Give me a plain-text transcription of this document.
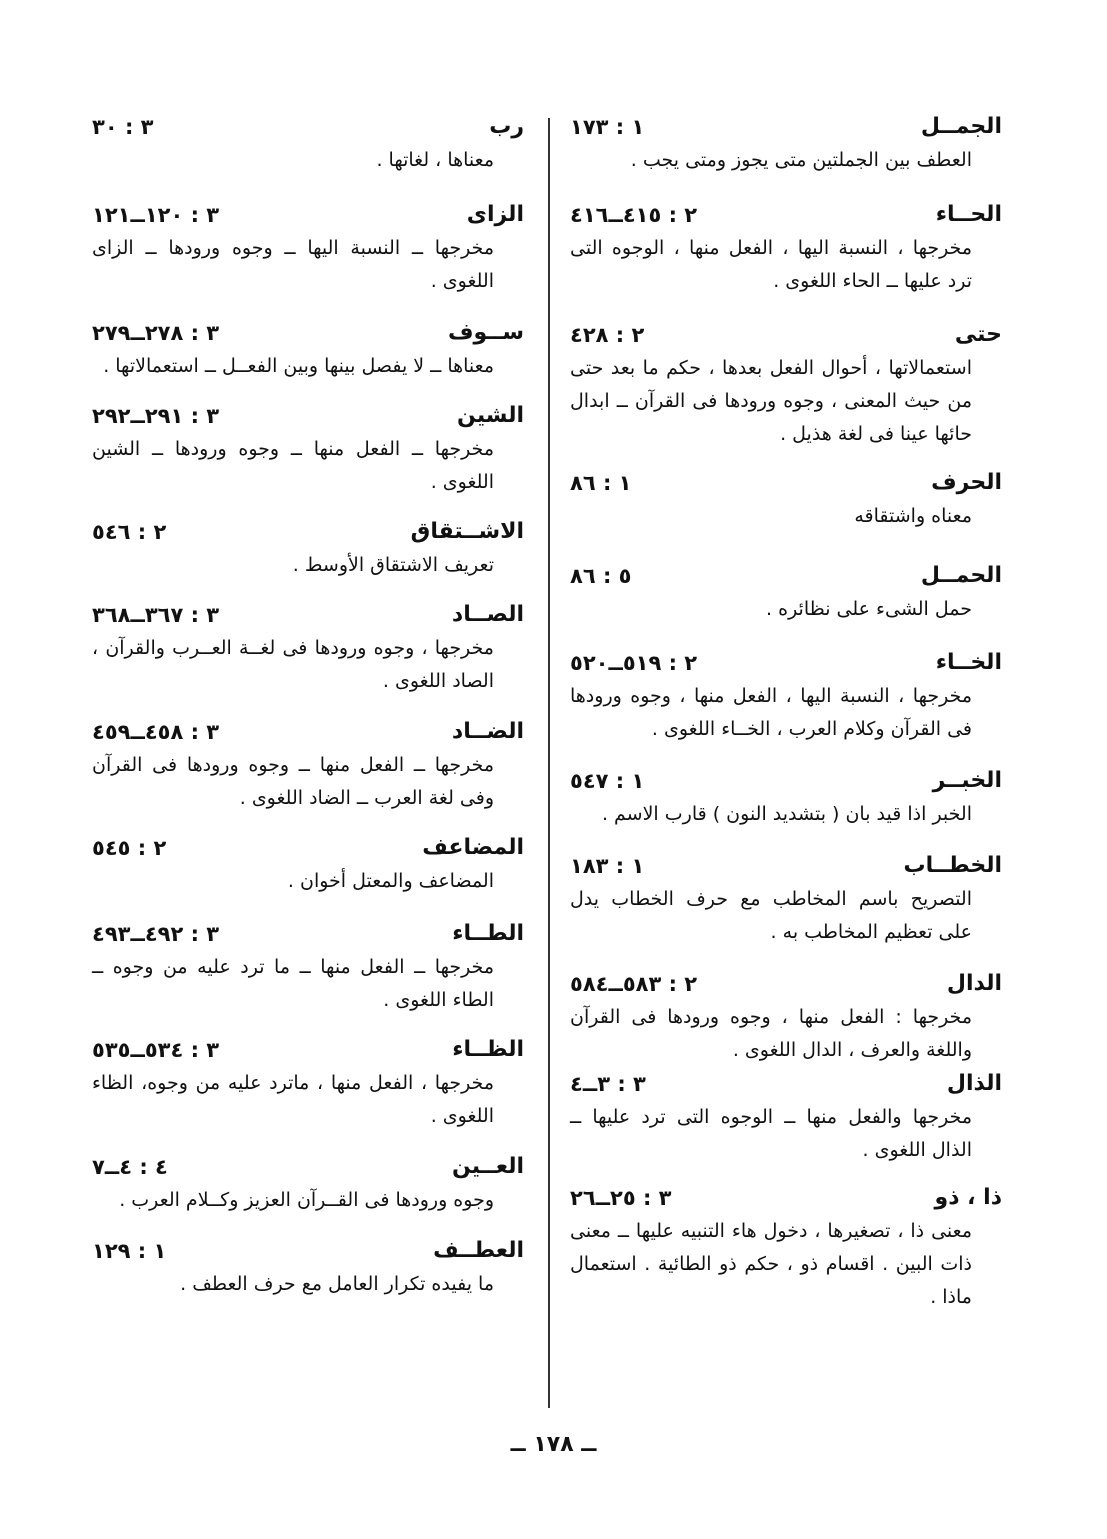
الجمــل
١ : ١٧٣
العطف بين الجملتين متى يجوز ومتى يجب .
الحــاء
٢ : ٤١٥ــ٤١٦
مخرجها ، النسبة اليها ، الفعل منها ، الوجوه التى ترد عليها ــ الحاء اللغوى .
حتى
٢ : ٤٢٨
استعمالاتها ، أحوال الفعل بعدها ، حكم ما بعد حتى من حيث المعنى ، وجوه ورودها فى القرآن ــ ابدال حائها عينا فى لغة هذيل .
الحرف
١ : ٨٦
معناه واشتقاقه
الحمــل
٥ : ٨٦
حمل الشىء على نظائره .
الخــاء
٢ : ٥١٩ــ٥٢٠
مخرجها ، النسبة اليها ، الفعل منها ، وجوه ورودها فى القرآن وكلام العرب ، الخــاء اللغوى .
الخبــر
١ : ٥٤٧
الخبر اذا قيد بان ( بتشديد النون ) قارب الاسم .
الخطــاب
١ : ١٨٣
التصريح باسم المخاطب مع حرف الخطاب يدل على تعظيم المخاطب به .
الدال
٢ : ٥٨٣ــ٥٨٤
مخرجها : الفعل منها ، وجوه ورودها فى القرآن واللغة والعرف ، الدال اللغوى .
الذال
٣ : ٣ــ٤
مخرجها والفعل منها ــ الوجوه التى ترد عليها ــ الذال اللغوى .
ذا ، ذو
٣ : ٢٥ــ٢٦
معنى ذا ، تصغيرها ، دخول هاء التنبيه عليها ــ معنى ذات البين . اقسام ذو ، حكم ذو الطائية . استعمال ماذا .
رب
٣ : ٣٠
معناها ، لغاتها .
الزاى
٣ : ١٢٠ــ١٢١
مخرجها ــ النسبة اليها ــ وجوه ورودها ــ الزاى اللغوى .
ســوف
٣ : ٢٧٨ــ٢٧٩
معناها ــ لا يفصل بينها وبين الفعــل ــ استعمالاتها .
الشين
٣ : ٢٩١ــ٢٩٢
مخرجها ــ الفعل منها ــ وجوه ورودها ــ الشين اللغوى .
الاشــتقاق
٢ : ٥٤٦
تعريف الاشتقاق الأوسط .
الصــاد
٣ : ٣٦٧ــ٣٦٨
مخرجها ، وجوه ورودها فى لغــة العــرب والقرآن ، الصاد اللغوى .
الضــاد
٣ : ٤٥٨ــ٤٥٩
مخرجها ــ الفعل منها ــ وجوه ورودها فى القرآن وفى لغة العرب ــ الضاد اللغوى .
المضاعف
٢ : ٥٤٥
المضاعف والمعتل أخوان .
الطــاء
٣ : ٤٩٢ــ٤٩٣
مخرجها ــ الفعل منها ــ ما ترد عليه من وجوه ــ الطاء اللغوى .
الظــاء
٣ : ٥٣٤ــ٥٣٥
مخرجها ، الفعل منها ، ماترد عليه من وجوه، الظاء اللغوى .
العــين
٤ : ٤ــ٧
وجوه ورودها فى القــرآن العزيز وكــلام العرب .
العطــف
١ : ١٢٩
ما يفيده تكرار العامل مع حرف العطف .
ــ ١٧٨ ــ
